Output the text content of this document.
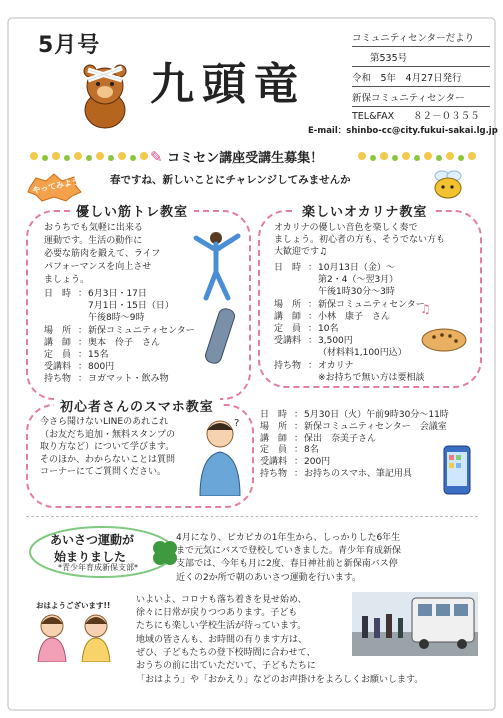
5月号
九頭竜
コミュニティセンターだより
第535号
令和　5年　4月27日発行
新保コミュニティセンター
TEL&FAX　　８２－０３５５
E-mail：shinbo-cc@city.fukui-sakai.lg.jp
✎ コミセン講座受講生募集！
春ですね、新しいことにチャレンジしてみませんか
やってみよう!
優しい筋トレ教室
おうちでも気軽に出来る
運動です。生活の動作に
必要な筋肉を鍛えて、ライフ
パフォーマンスを向上させ
ましょう。
日　時 ： 6月3日・17日
7月1日・15日（日）
午後8時～9時
場　所 ： 新保コミュニティセンター
講　師 ： 奥本　伶子　さん
定　員 ： 15名
受講料 ： 800円
持ち物 ： ヨガマット・飲み物
楽しいオカリナ教室
オカリナの優しい音色を楽しく奏で
ましょう。初心者の方も、そうでない方も
大歓迎です♫
日　時 ： 10月13日（金）～
第2・4（～翌3月）
午後1時30分～3時
場　所 ： 新保コミュニティセンター
講　師 ： 小林　康子　さん
定　員 ： 10名
受講料 ： 3,500円
（材料料1,100円込）
持ち物 ： オカリナ
※お持ちで無い方は要相談
♫
初心者さんのスマホ教室
今さら聞けないLINEのあれこれ
（お友だち追加・無料スタンプの
取り方など）について学びます。
そのほか、わからないことは質問
コーナーにてご質問ください。
?
日　時 ： 5月30日（火）午前9時30分～11時
場　所 ： 新保コミュニティセンター　会議室
講　師 ： 保出　奈美子さん
定　員 ： 8名
受講料 ： 200円
持ち物 ： お持ちのスマホ、筆記用具
あいさつ運動が
始まりました
*青少年育成新保支部*
4月になり、ピカピカの1年生から、しっかりした6年生
まで元気にバスで登校していきました。青少年育成新保
支部では、今年も月に2度、春日神社前と新保南バス停
近くの2か所で朝のあいさつ運動を行います。
おはようございます!!
いよいよ、コロナも落ち着きを見せ始め、
徐々に日常が戻りつつあります。子ども
たちにも楽しい学校生活が待っています。
地域の皆さんも、お時間の有ります方は、
ぜひ、子どもたちの登下校時間に合わせて、
おうちの前に出ていただいて、子どもたちに
「おはよう」や「おかえり」などのお声掛けをよろしくお願いします。
